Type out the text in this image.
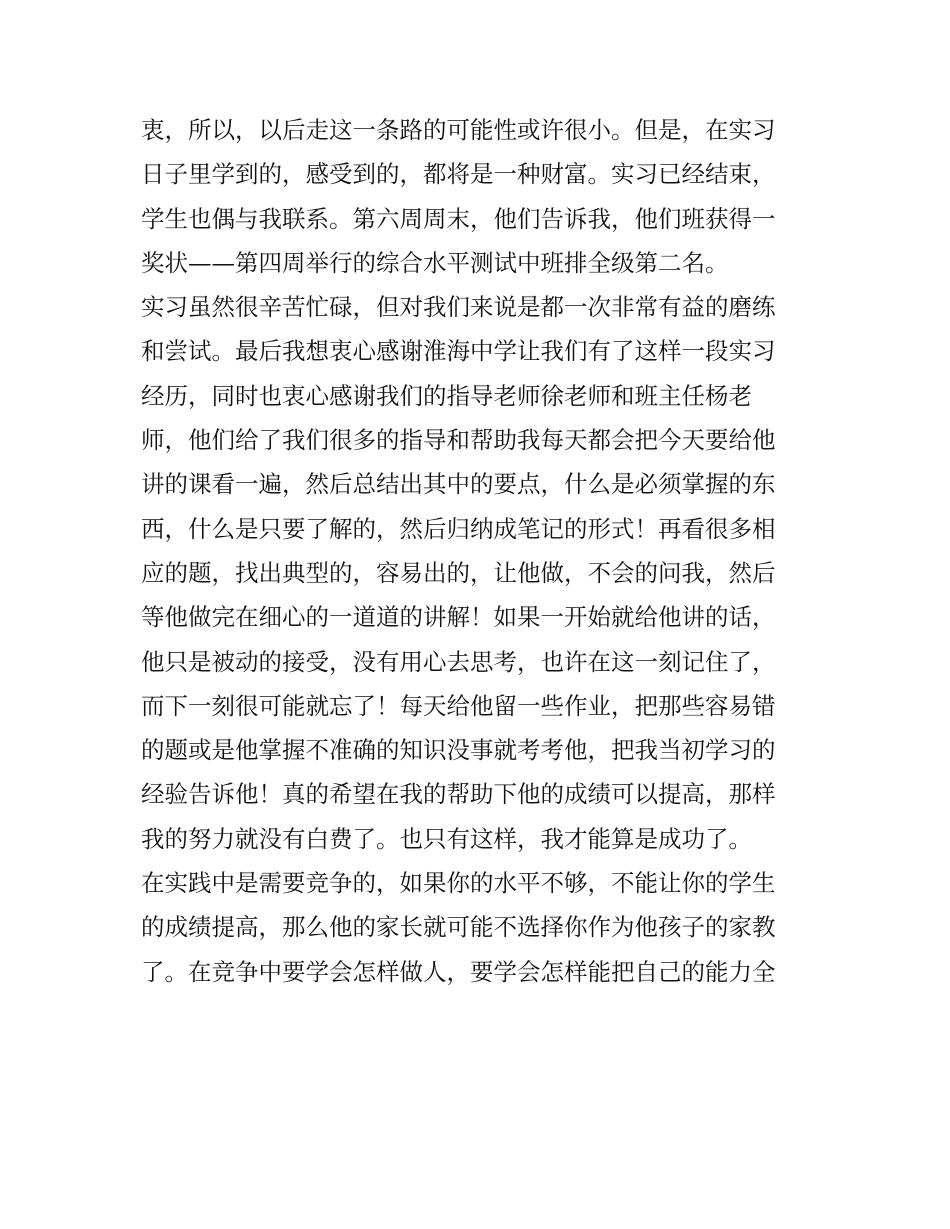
衷，所以，以后走这一条路的可能性或许很小。但是，在实习
日子里学到的，感受到的，都将是一种财富。实习已经结束，
学生也偶与我联系。第六周周末，他们告诉我，他们班获得一
奖状——第四周举行的综合水平测试中班排全级第二名。
实习虽然很辛苦忙碌，但对我们来说是都一次非常有益的磨练
和尝试。最后我想衷心感谢淮海中学让我们有了这样一段实习
经历，同时也衷心感谢我们的指导老师徐老师和班主任杨老
师，他们给了我们很多的指导和帮助我每天都会把今天要给他
讲的课看一遍，然后总结出其中的要点，什么是必须掌握的东
西，什么是只要了解的，然后归纳成笔记的形式！再看很多相
应的题，找出典型的，容易出的，让他做，不会的问我，然后
等他做完在细心的一道道的讲解！如果一开始就给他讲的话，
他只是被动的接受，没有用心去思考，也许在这一刻记住了，
而下一刻很可能就忘了！每天给他留一些作业，把那些容易错
的题或是他掌握不准确的知识没事就考考他，把我当初学习的
经验告诉他！真的希望在我的帮助下他的成绩可以提高，那样
我的努力就没有白费了。也只有这样，我才能算是成功了。
在实践中是需要竞争的，如果你的水平不够，不能让你的学生
的成绩提高，那么他的家长就可能不选择你作为他孩子的家教
了。在竞争中要学会怎样做人，要学会怎样能把自己的能力全
